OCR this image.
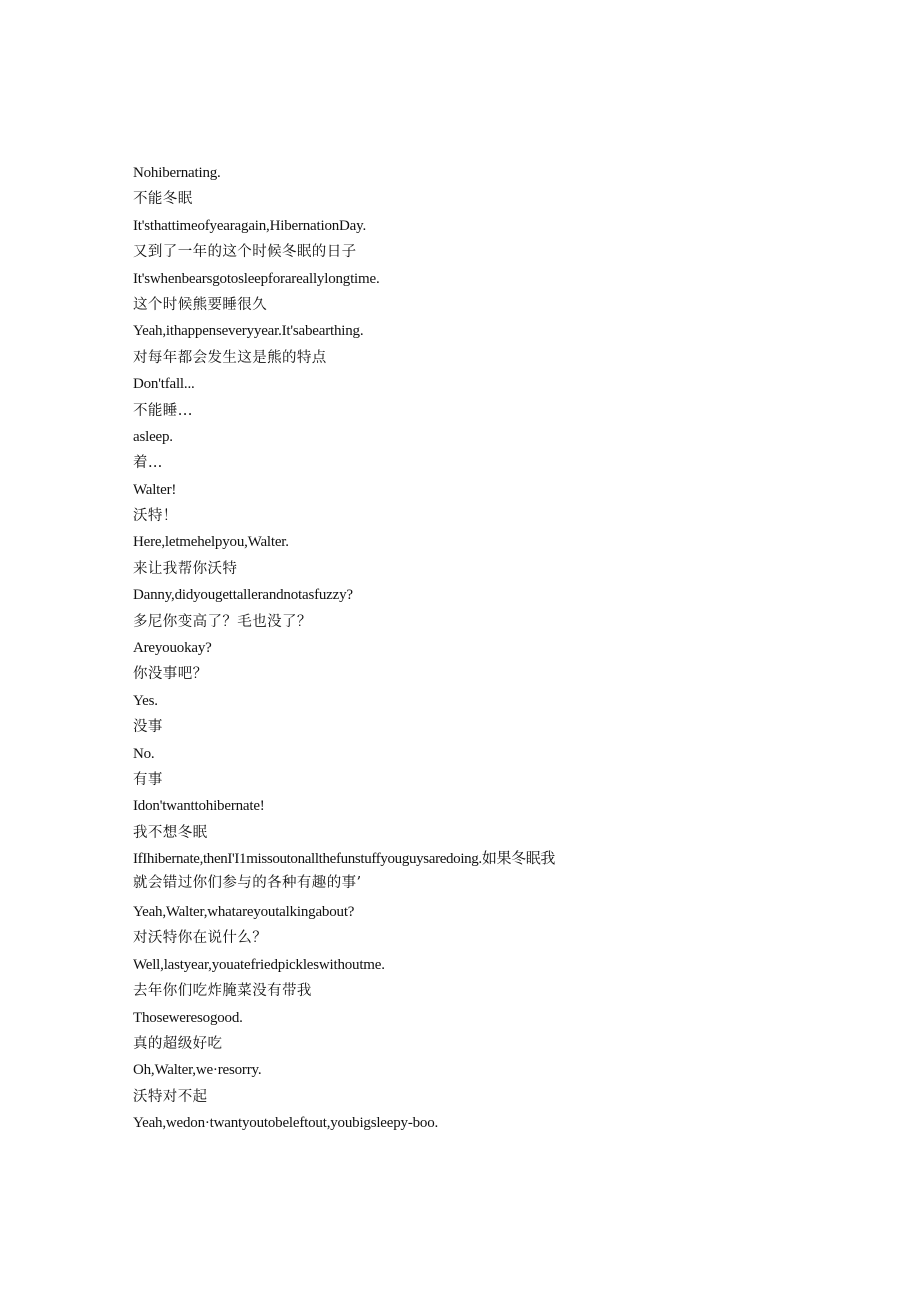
Nohibernating.
不能冬眠
It'sthattimeofyearagain,HibernationDay.
又到了一年的这个时候冬眠的日子
It'swhenbearsgotosleepforareallylongtime.
这个时候熊要睡很久
Yeah,ithappenseveryyear.It'sabearthing.
对每年都会发生这是熊的特点
Don'tfall...
不能睡...
asleep.
着…
Walter!
沃特！
Here,letmehelpyou,Walter.
来让我帮你沃特
Danny,didyougettallerandnotasfuzzy?
多尼你变高了？毛也没了？
Areyouokay?
你没事吧？
Yes.
没事
No.
有事
Idon'twanttohibernate!
我不想冬眠
IfIhibernate,thenI'I1missoutonallthefunstuffyouguysaredoing.如果冬眠我
就会错过你们参与的各种有趣的事’
Yeah,Walter,whatareyoutalkingabout?
对沃特你在说什么？
Well,lastyear,youatefriedpickleswithoutme.
去年你们吃炸腌菜没有带我
Thoseweresogood.
真的超级好吃
Oh,Walter,we·resorry.
沃特对不起
Yeah,wedon·twantyoutobeleftout,youbigsleepy-boo.
